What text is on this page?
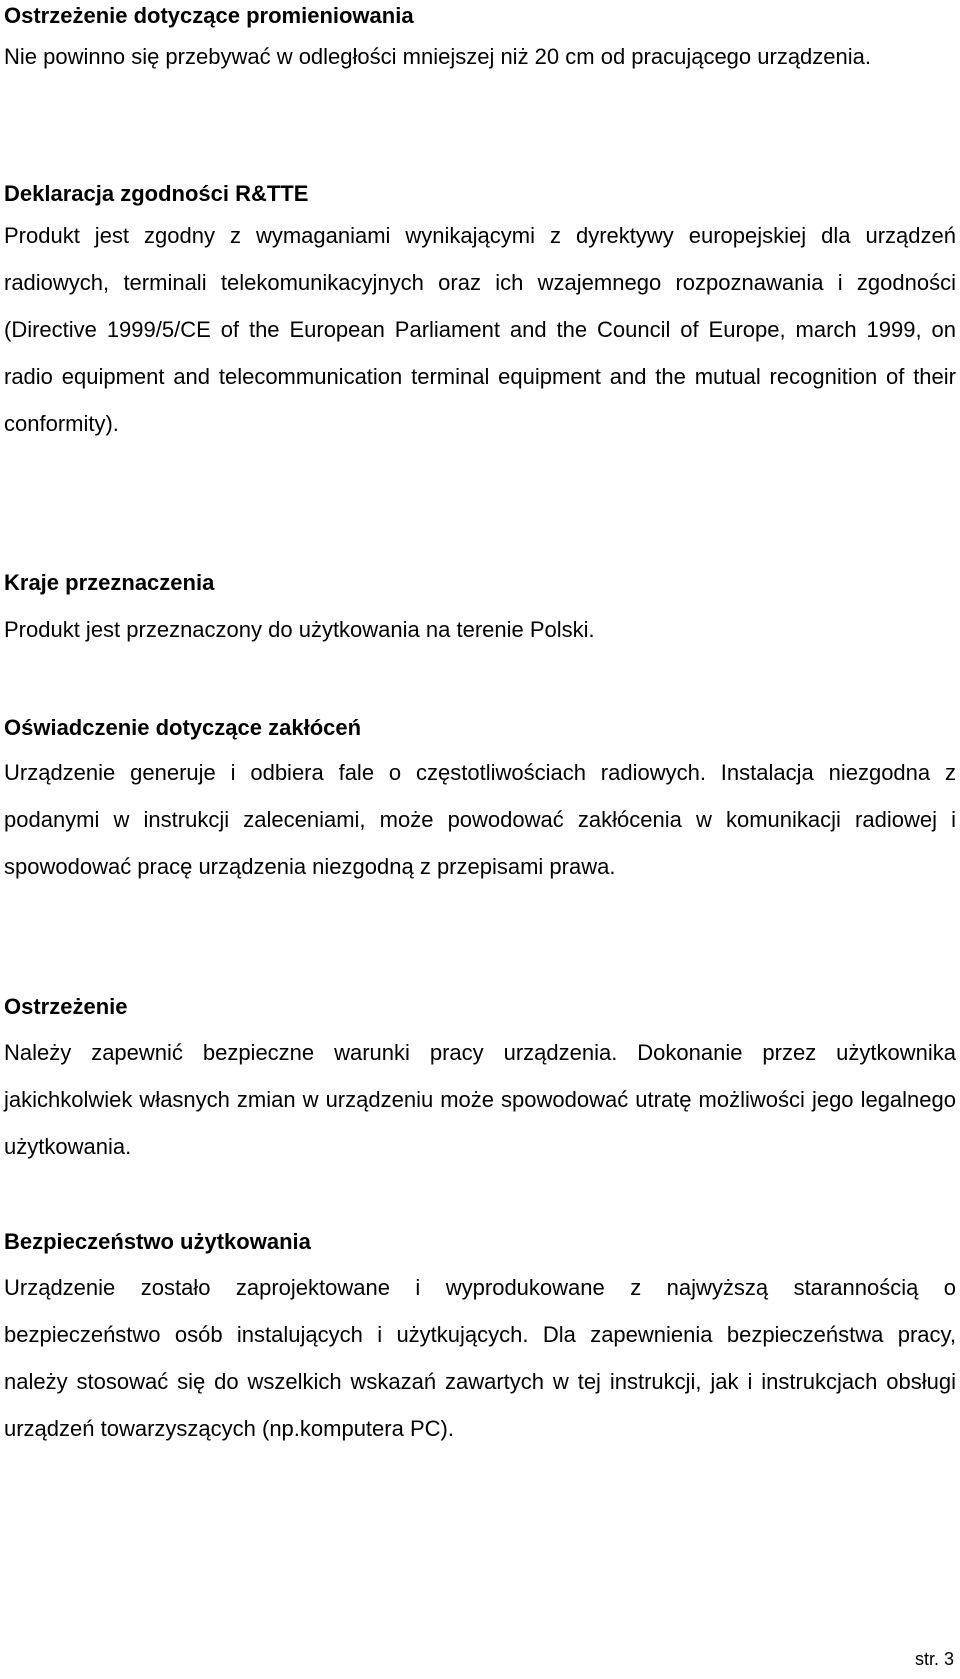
Ostrzeżenie dotyczące promieniowania

Nie powinno się przebywać w odległości mniejszej niż 20 cm od pracującego urządzenia.

Deklaracja zgodności R&TTE

Produkt jest zgodny z wymaganiami wynikającymi z dyrektywy europejskiej dla urządzeń radiowych, terminali telekomunikacyjnych oraz ich wzajemnego rozpoznawania i zgodności (Directive 1999/5/CE of the European Parliament and the Council of Europe, march 1999, on radio equipment and telecommunication terminal equipment and the mutual recognition of their conformity).

Kraje przeznaczenia

Produkt jest przeznaczony do użytkowania na terenie Polski.

Oświadczenie dotyczące zakłóceń

Urządzenie generuje i odbiera fale o częstotliwościach radiowych. Instalacja niezgodna z podanymi w instrukcji zaleceniami, może powodować zakłócenia w komunikacji radiowej i spowodować pracę urządzenia niezgodną z przepisami prawa.

Ostrzeżenie

Należy zapewnić bezpieczne warunki pracy urządzenia. Dokonanie przez użytkownika jakichkolwiek własnych zmian w urządzeniu może spowodować utratę możliwości jego legalnego użytkowania.

Bezpieczeństwo użytkowania

Urządzenie zostało zaprojektowane i wyprodukowane z najwyższą starannością o bezpieczeństwo osób instalujących i użytkujących. Dla zapewnienia bezpieczeństwa pracy, należy stosować się do wszelkich wskazań zawartych w tej instrukcji, jak i instrukcjach obsługi urządzeń towarzyszących (np.komputera PC).

str. 3
